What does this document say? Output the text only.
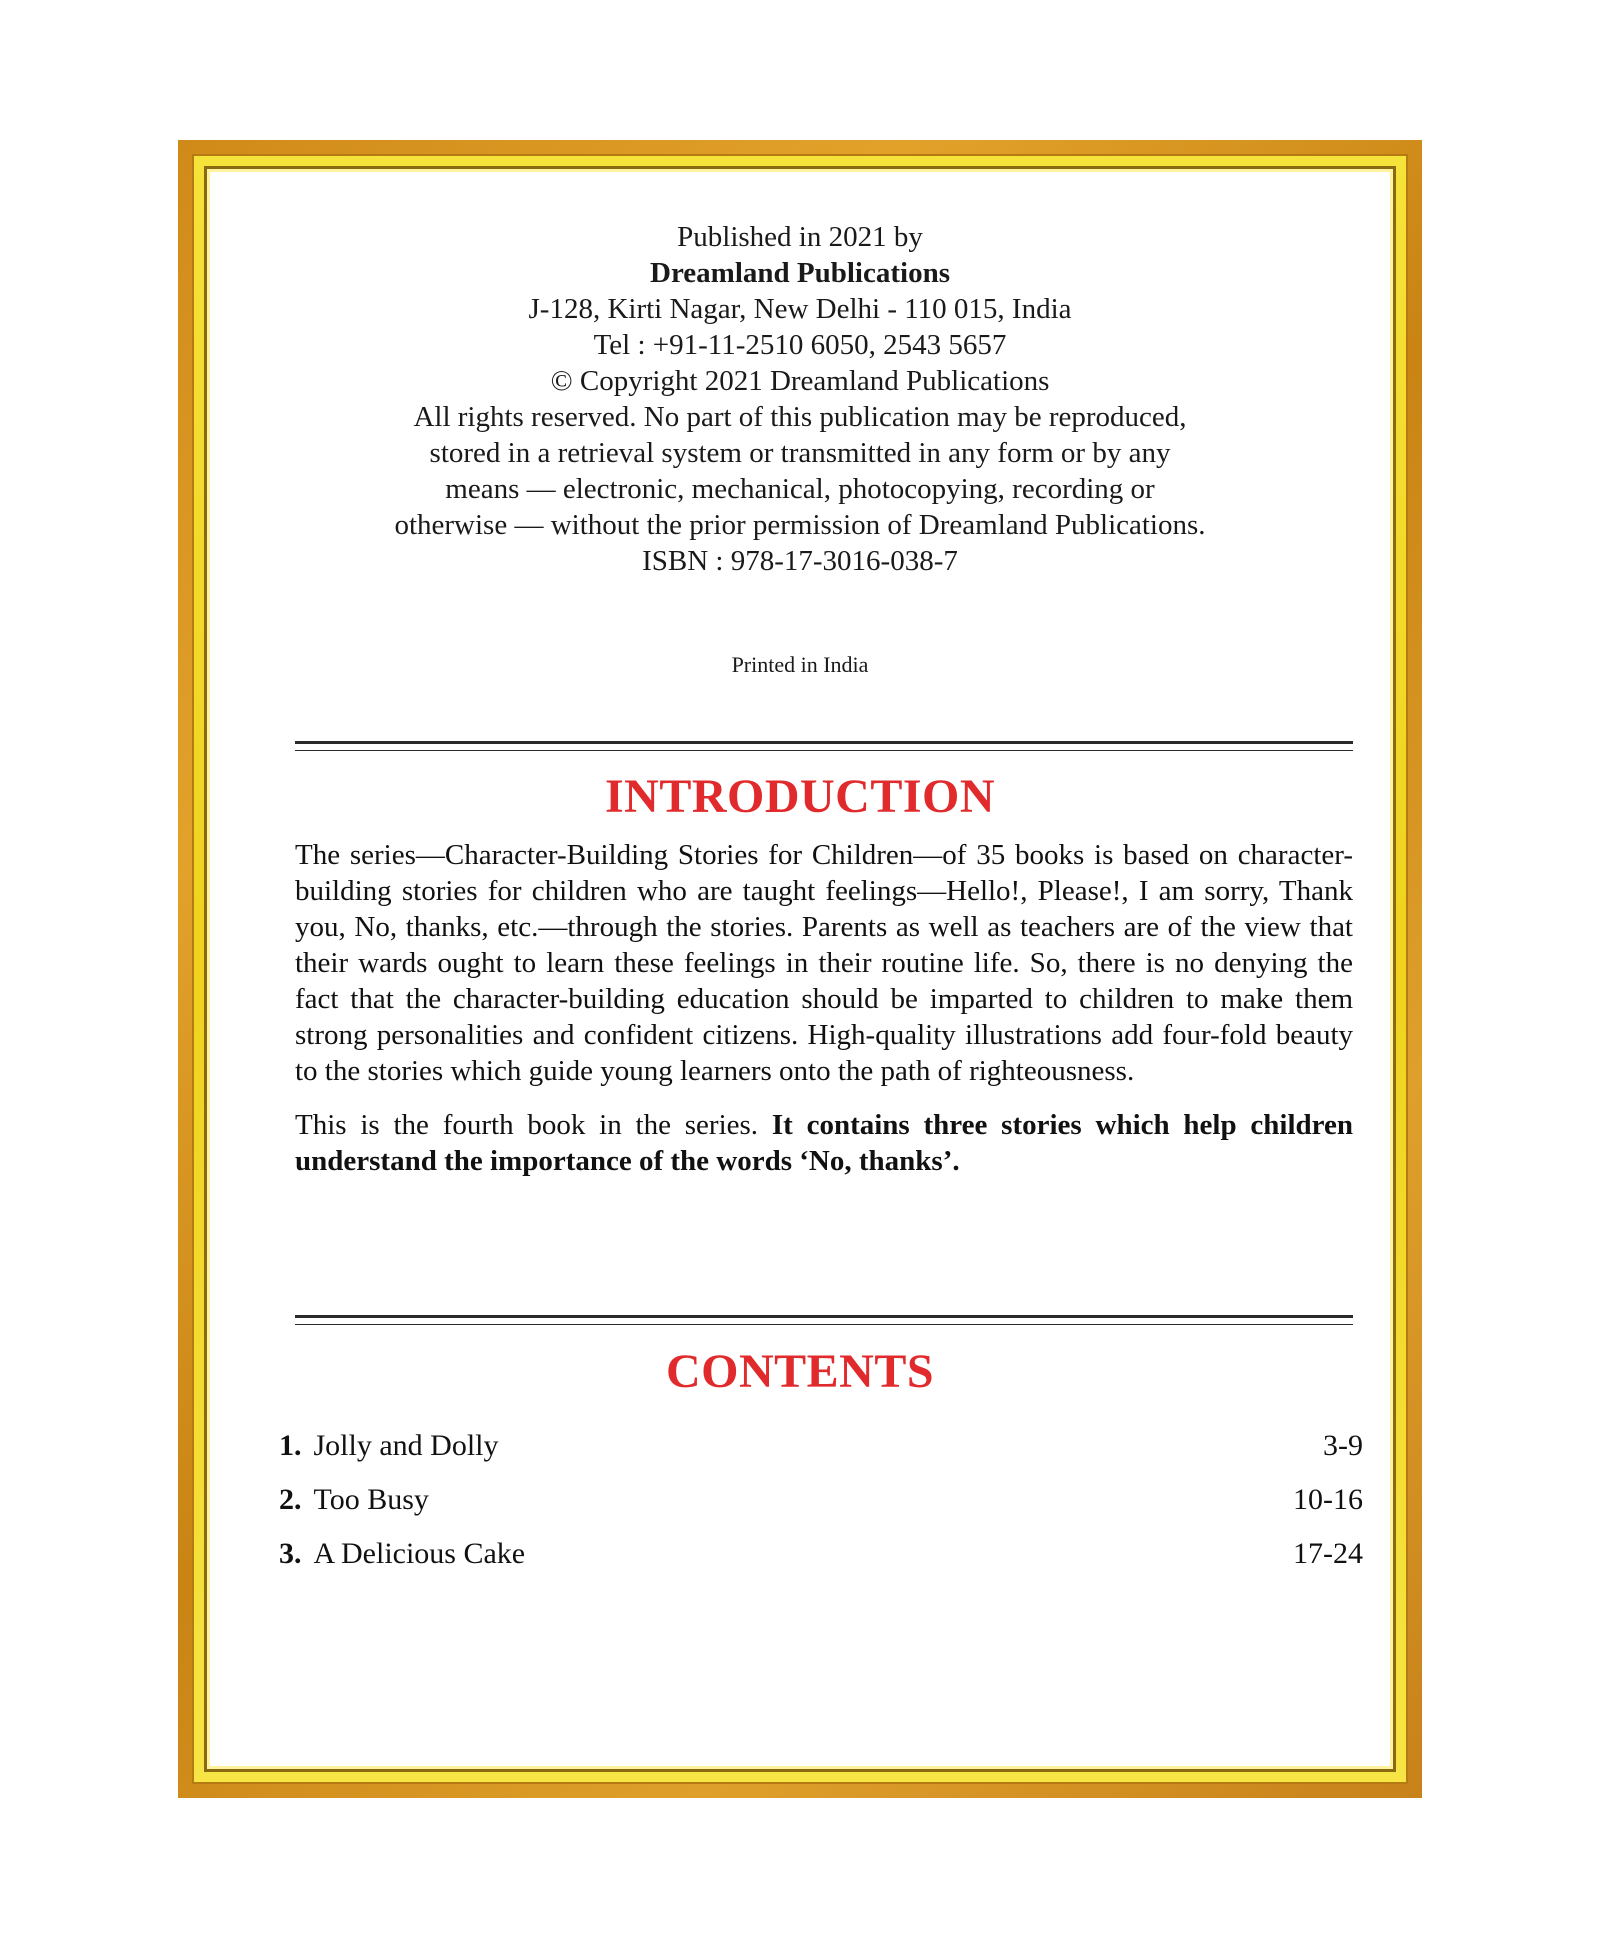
Published in 2021 by
Dreamland Publications
J-128, Kirti Nagar, New Delhi - 110 015, India
Tel : +91-11-2510 6050, 2543 5657
© Copyright 2021 Dreamland Publications
All rights reserved. No part of this publication may be reproduced, stored in a retrieval system or transmitted in any form or by any means — electronic, mechanical, photocopying, recording or otherwise — without the prior permission of Dreamland Publications.
ISBN : 978-17-3016-038-7
Printed in India
INTRODUCTION

The series—Character-Building Stories for Children—of 35 books is based on character-building stories for children who are taught feelings—Hello!, Please!, I am sorry, Thank you, No, thanks, etc.—through the stories. Parents as well as teachers are of the view that their wards ought to learn these feelings in their routine life. So, there is no denying the fact that the character-building education should be imparted to children to make them strong personalities and confident citizens. High-quality illustrations add four-fold beauty to the stories which guide young learners onto the path of righteousness.

This is the fourth book in the series. It contains three stories which help children understand the importance of the words ‘No, thanks’.

CONTENTS
1. Jolly and Dolly	3-9
2. Too Busy	10-16
3. A Delicious Cake	17-24
